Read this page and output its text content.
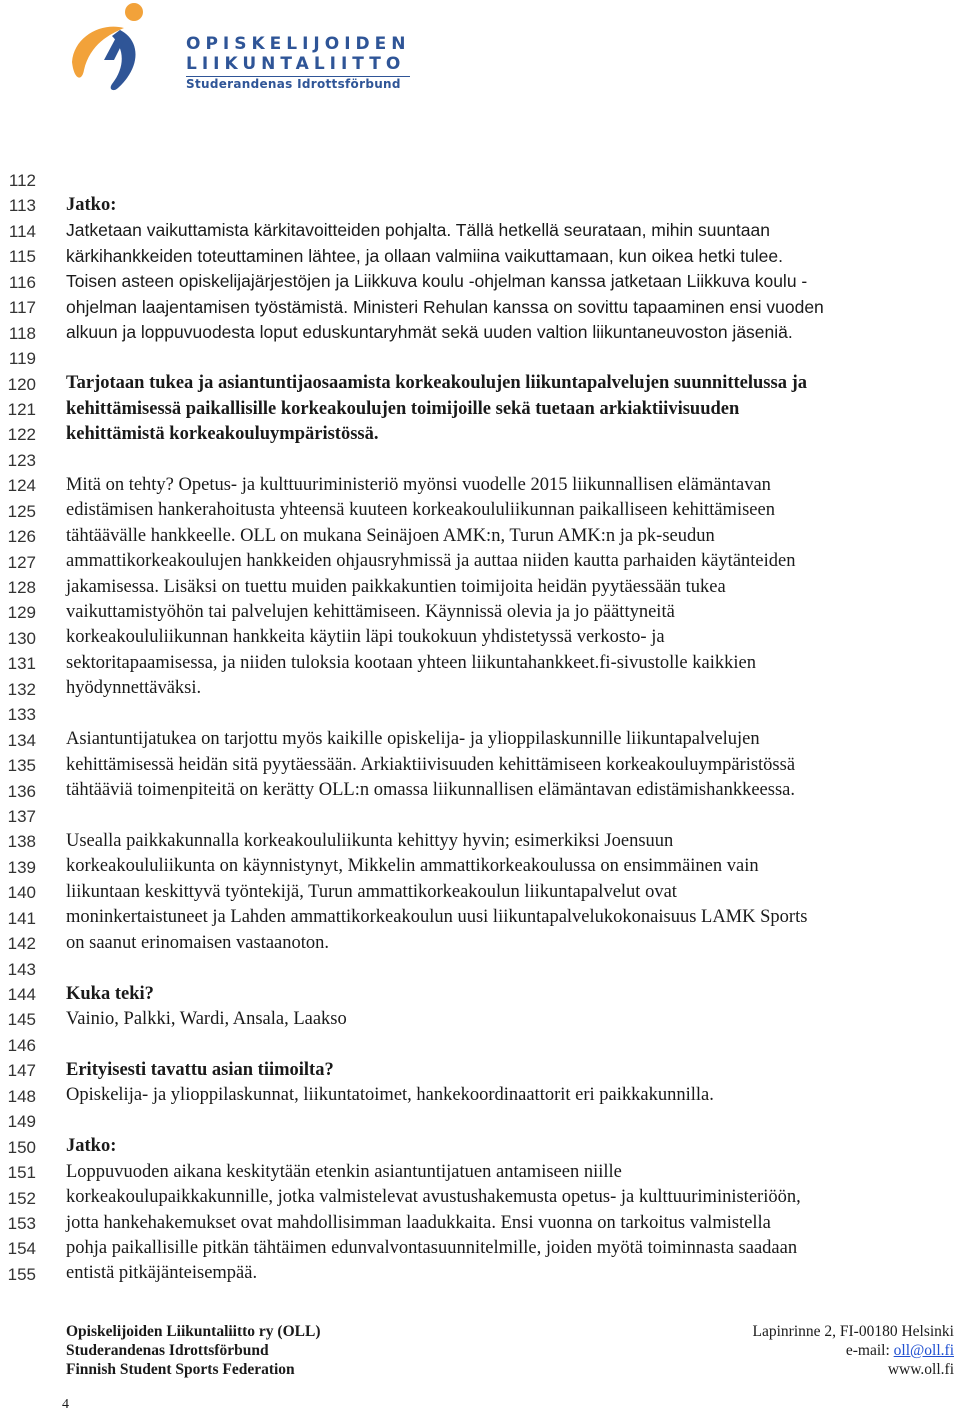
OPISKELIJOIDEN
LIIKUNTALIITTO
Studerandenas Idrottsförbund
112
113
114
115
116
117
118
119
120
121
122
123
124
125
126
127
128
129
130
131
132
133
134
135
136
137
138
139
140
141
142
143
144
145
146
147
148
149
150
151
152
153
154
155
Jatko:
Jatketaan vaikuttamista kärkitavoitteiden pohjalta. Tällä hetkellä seurataan, mihin suuntaan
kärkihankkeiden toteuttaminen lähtee, ja ollaan valmiina vaikuttamaan, kun oikea hetki tulee.
Toisen asteen opiskelijajärjestöjen ja Liikkuva koulu -ohjelman kanssa jatketaan Liikkuva koulu -
ohjelman laajentamisen työstämistä. Ministeri Rehulan kanssa on sovittu tapaaminen ensi vuoden
alkuun ja loppuvuodesta loput eduskuntaryhmät sekä uuden valtion liikuntaneuvoston jäseniä.

Tarjotaan tukea ja asiantuntijaosaamista korkeakoulujen liikuntapalvelujen suunnittelussa ja
kehittämisessä paikallisille korkeakoulujen toimijoille sekä tuetaan arkiaktiivisuuden
kehittämistä korkeakouluympäristössä.

Mitä on tehty? Opetus- ja kulttuuriministeriö myönsi vuodelle 2015 liikunnallisen elämäntavan
edistämisen hankerahoitusta yhteensä kuuteen korkeakoululiikunnan paikalliseen kehittämiseen
tähtäävälle hankkeelle. OLL on mukana Seinäjoen AMK:n, Turun AMK:n ja pk-seudun
ammattikorkeakoulujen hankkeiden ohjausryhmissä ja auttaa niiden kautta parhaiden käytänteiden
jakamisessa. Lisäksi on tuettu muiden paikkakuntien toimijoita heidän pyytäessään tukea
vaikuttamistyöhön tai palvelujen kehittämiseen. Käynnissä olevia ja jo päättyneitä
korkeakoululiikunnan hankkeita käytiin läpi toukokuun yhdistetyssä verkosto- ja
sektoritapaamisessa, ja niiden tuloksia kootaan yhteen liikuntahankkeet.fi-sivustolle kaikkien
hyödynnettäväksi.

Asiantuntijatukea on tarjottu myös kaikille opiskelija- ja ylioppilaskunnille liikuntapalvelujen
kehittämisessä heidän sitä pyytäessään. Arkiaktiivisuuden kehittämiseen korkeakouluympäristössä
tähtääviä toimenpiteitä on kerätty OLL:n omassa liikunnallisen elämäntavan edistämishankkeessa.

Usealla paikkakunnalla korkeakoululiikunta kehittyy hyvin; esimerkiksi Joensuun
korkeakoululiikunta on käynnistynyt, Mikkelin ammattikorkeakoulussa on ensimmäinen vain
liikuntaan keskittyvä työntekijä, Turun ammattikorkeakoulun liikuntapalvelut ovat
moninkertaistuneet ja Lahden ammattikorkeakoulun uusi liikuntapalvelukokonaisuus LAMK Sports
on saanut erinomaisen vastaanoton.

Kuka teki?
Vainio, Palkki, Wardi, Ansala, Laakso

Erityisesti tavattu asian tiimoilta?
Opiskelija- ja ylioppilaskunnat, liikuntatoimet, hankekoordinaattorit eri paikkakunnilla.

Jatko:
Loppuvuoden aikana keskitytään etenkin asiantuntijatuen antamiseen niille
korkeakoulupaikkakunnille, jotka valmistelevat avustushakemusta opetus- ja kulttuuriministeriöön,
jotta hankehakemukset ovat mahdollisimman laadukkaita. Ensi vuonna on tarkoitus valmistella
pohja paikallisille pitkän tähtäimen edunvalvontasuunnitelmille, joiden myötä toiminnasta saadaan
entistä pitkäjänteisempää.
Opiskelijoiden Liikuntaliitto ry (OLL)
Studerandenas Idrottsförbund
Finnish Student Sports Federation
Lapinrinne 2, FI-00180 Helsinki
e-mail: oll@oll.fi
www.oll.fi
4
